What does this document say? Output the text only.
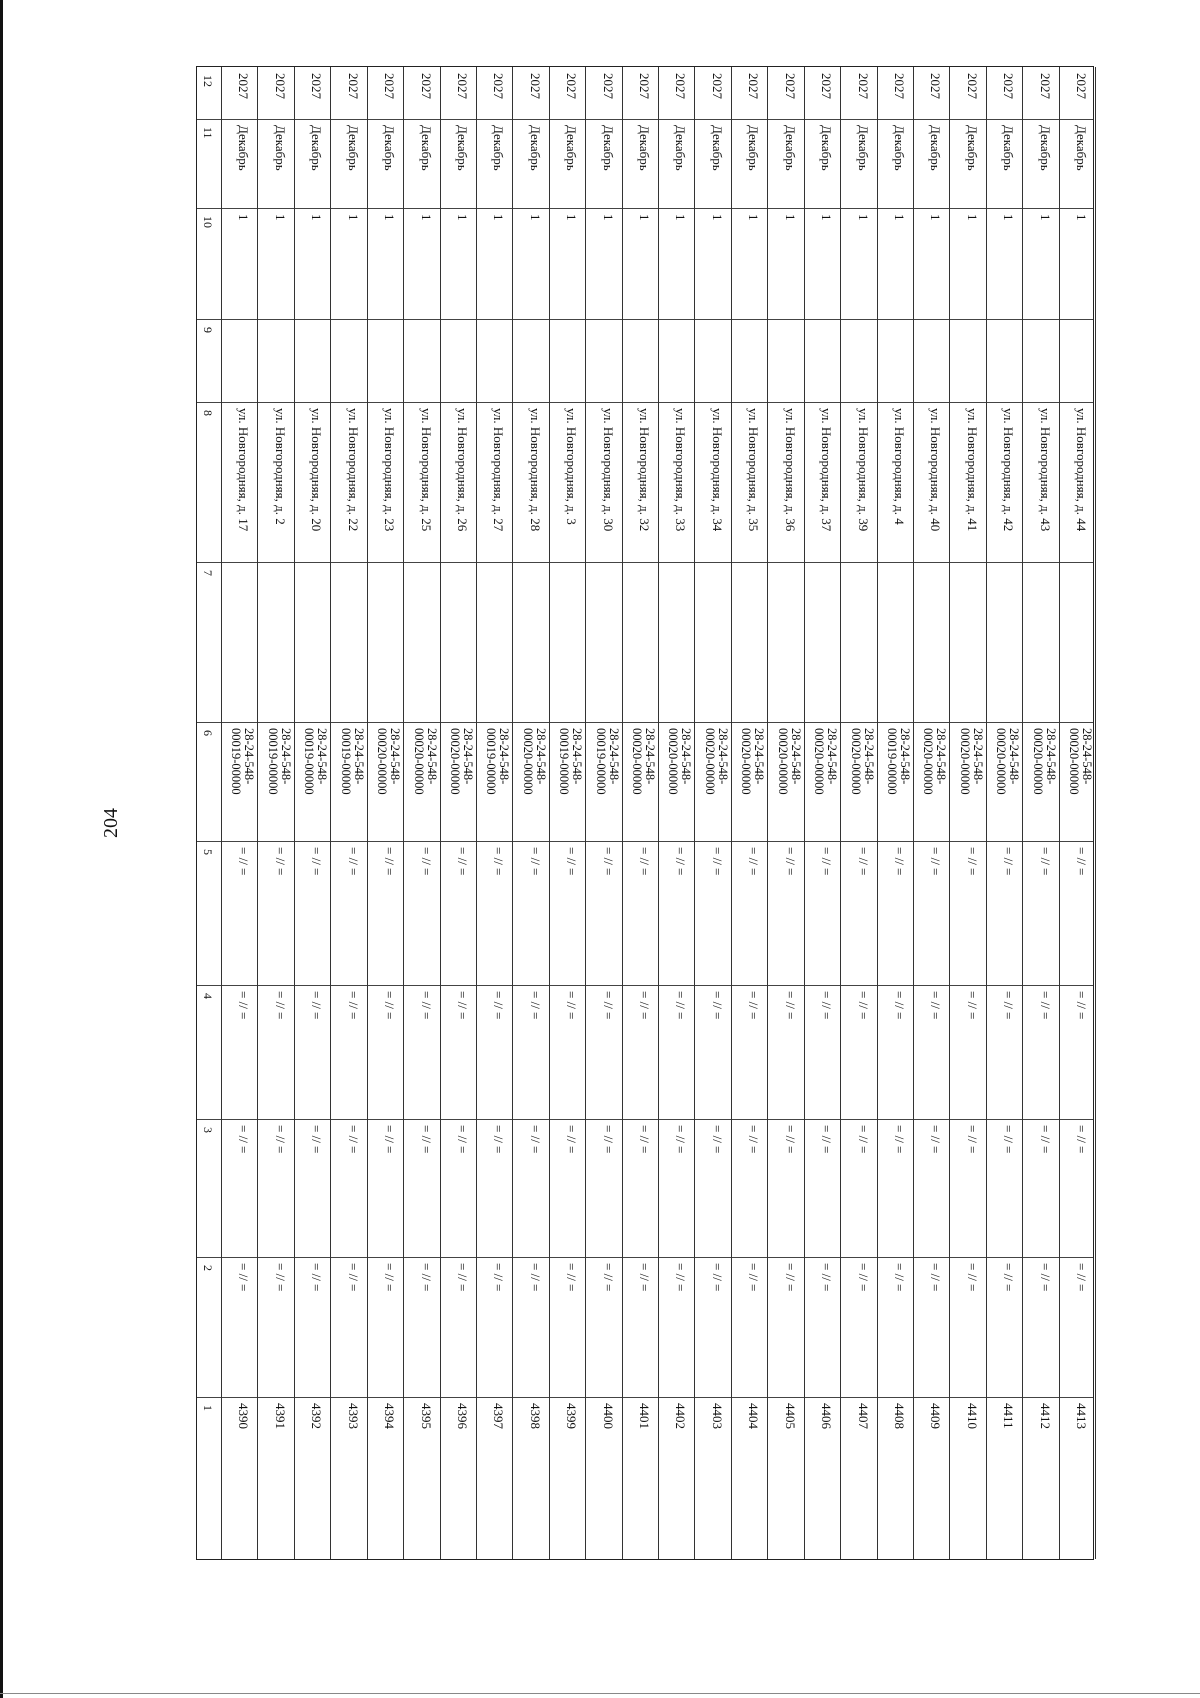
204
12
11
10
9
8
7
6
5
4
3
2
1
2027
Декабрь
1
ул. Новгородняя, д. 17
28-24-548-00019-00000
= // =
= // =
= // =
= // =
4390
2027
Декабрь
1
ул. Новгородняя, д. 2
28-24-548-00019-00000
= // =
= // =
= // =
= // =
4391
2027
Декабрь
1
ул. Новгородняя, д. 20
28-24-548-00019-00000
= // =
= // =
= // =
= // =
4392
2027
Декабрь
1
ул. Новгородняя, д. 22
28-24-548-00019-00000
= // =
= // =
= // =
= // =
4393
2027
Декабрь
1
ул. Новгородняя, д. 23
28-24-548-00020-00000
= // =
= // =
= // =
= // =
4394
2027
Декабрь
1
ул. Новгородняя, д. 25
28-24-548-00020-00000
= // =
= // =
= // =
= // =
4395
2027
Декабрь
1
ул. Новгородняя, д. 26
28-24-548-00020-00000
= // =
= // =
= // =
= // =
4396
2027
Декабрь
1
ул. Новгородняя, д. 27
28-24-548-00019-00000
= // =
= // =
= // =
= // =
4397
2027
Декабрь
1
ул. Новгородняя, д. 28
28-24-548-00020-00000
= // =
= // =
= // =
= // =
4398
2027
Декабрь
1
ул. Новгородняя, д. 3
28-24-548-00019-00000
= // =
= // =
= // =
= // =
4399
2027
Декабрь
1
ул. Новгородняя, д. 30
28-24-548-00019-00000
= // =
= // =
= // =
= // =
4400
2027
Декабрь
1
ул. Новгородняя, д. 32
28-24-548-00020-00000
= // =
= // =
= // =
= // =
4401
2027
Декабрь
1
ул. Новгородняя, д. 33
28-24-548-00020-00000
= // =
= // =
= // =
= // =
4402
2027
Декабрь
1
ул. Новгородняя, д. 34
28-24-548-00020-00000
= // =
= // =
= // =
= // =
4403
2027
Декабрь
1
ул. Новгородняя, д. 35
28-24-548-00020-00000
= // =
= // =
= // =
= // =
4404
2027
Декабрь
1
ул. Новгородняя, д. 36
28-24-548-00020-00000
= // =
= // =
= // =
= // =
4405
2027
Декабрь
1
ул. Новгородняя, д. 37
28-24-548-00020-00000
= // =
= // =
= // =
= // =
4406
2027
Декабрь
1
ул. Новгородняя, д. 39
28-24-548-00020-00000
= // =
= // =
= // =
= // =
4407
2027
Декабрь
1
ул. Новгородняя, д. 4
28-24-548-00019-00000
= // =
= // =
= // =
= // =
4408
2027
Декабрь
1
ул. Новгородняя, д. 40
28-24-548-00020-00000
= // =
= // =
= // =
= // =
4409
2027
Декабрь
1
ул. Новгородняя, д. 41
28-24-548-00020-00000
= // =
= // =
= // =
= // =
4410
2027
Декабрь
1
ул. Новгородняя, д. 42
28-24-548-00020-00000
= // =
= // =
= // =
= // =
4411
2027
Декабрь
1
ул. Новгородняя, д. 43
28-24-548-00020-00000
= // =
= // =
= // =
= // =
4412
2027
Декабрь
1
ул. Новгородняя, д. 44
28-24-548-00020-00000
= // =
= // =
= // =
= // =
4413
